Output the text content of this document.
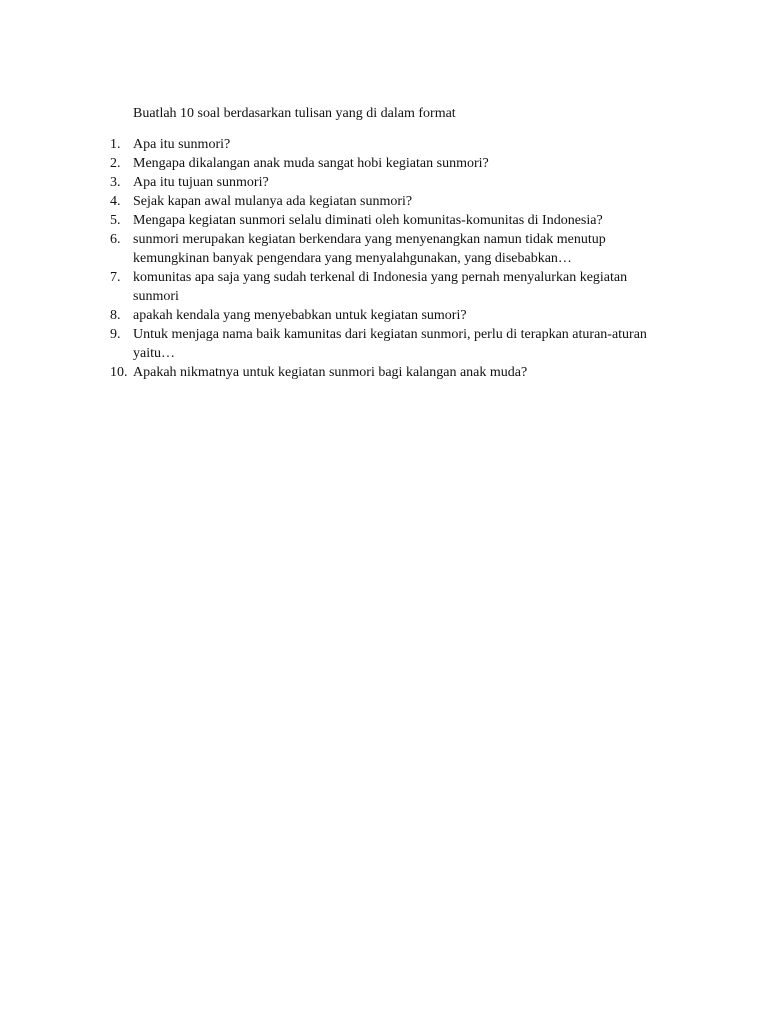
Buatlah 10 soal berdasarkan tulisan yang di dalam format
1. Apa itu sunmori?
2. Mengapa dikalangan anak muda sangat hobi kegiatan sunmori?
3. Apa itu tujuan sunmori?
4. Sejak kapan awal mulanya ada kegiatan sunmori?
5. Mengapa kegiatan sunmori selalu diminati oleh komunitas-komunitas di Indonesia?
6. sunmori merupakan kegiatan berkendara yang menyenangkan namun tidak menutup kemungkinan banyak pengendara yang menyalahgunakan, yang disebabkan…
7. komunitas apa saja yang sudah terkenal di Indonesia yang pernah menyalurkan kegiatan sunmori
8. apakah kendala yang menyebabkan untuk kegiatan sumori?
9. Untuk menjaga nama baik kamunitas dari kegiatan sunmori, perlu di terapkan aturan-aturan yaitu…
10. Apakah nikmatnya untuk kegiatan sunmori bagi kalangan anak muda?
